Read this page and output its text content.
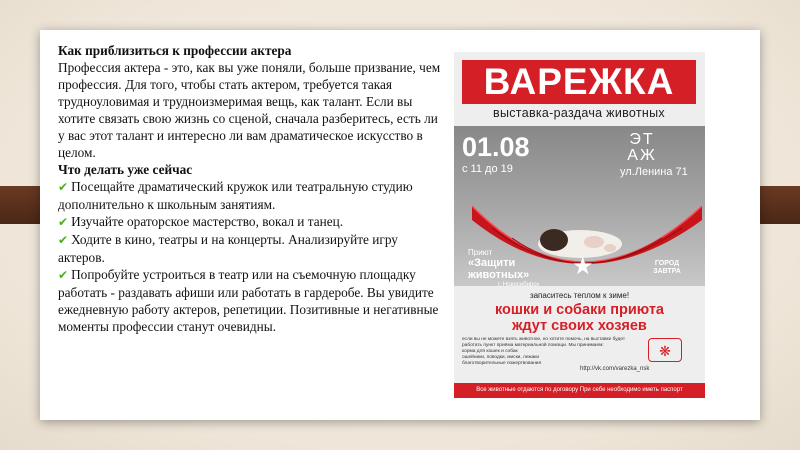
Как приблизиться к профессии актера

Профессия актера - это, как вы уже поняли, больше призвание, чем профессия. Для того, чтобы стать актером, требуется такая трудноуловимая и трудноизмеримая вещь, как талант. Если вы хотите связать свою жизнь со сценой, сначала разберитесь, есть ли у вас этот талант и интересно ли вам драматическое искусство в целом.

Что делать уже сейчас

✔ Посещайте драматический кружок или театральную студию дополнительно к школьным занятиям.

✔ Изучайте ораторское мастерство, вокал и танец.

✔ Ходите в кино, театры и на концерты. Анализируйте игру актеров.

✔ Попробуйте устроиться в театр или на съемочную площадку работать - раздавать афиши или работать в гардеробе. Вы увидите ежедневную работу актеров, репетиции. Позитивные и негативные моменты профессии станут очевидны.

ВАРЕЖКА
выставка-раздача животных
01.08
с 11 до 19
ЭТ АЖ
ул.Ленина 71
Приют
«Защити животных»
г. Новосибирск
★	ГОРОД ЗАВТРА
запаситесь теплом к зиме!
кошки и собаки приюта
ждут своих хозяев
если вы не можете взять животное, но хотите помочь, на выставке будет
работать пункт приёма материальной помощи. Мы принимаем:
корма для кошек и собак
ошейники, поводки, миски, лежаки
благотворительные пожертвования
http://vk.com/varezka_nsk
❋
Все животные отдаются по договору При себе необходимо иметь паспорт
